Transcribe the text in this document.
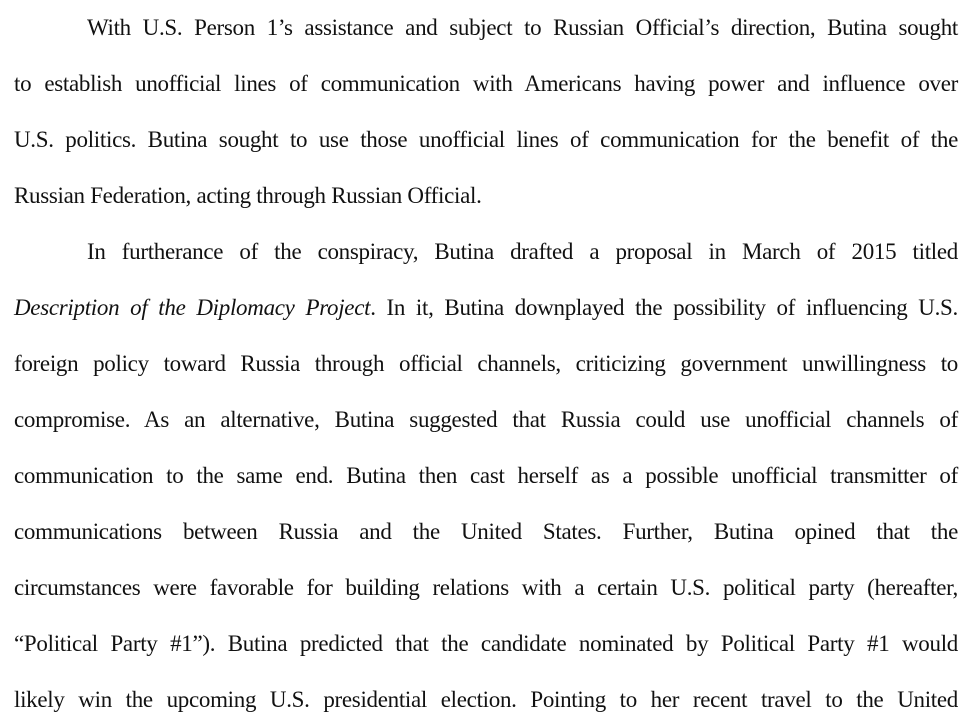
With U.S. Person 1’s assistance and subject to Russian Official’s direction, Butina sought
to establish unofficial lines of communication with Americans having power and influence over
U.S. politics. Butina sought to use those unofficial lines of communication for the benefit of the
Russian Federation, acting through Russian Official.
In furtherance of the conspiracy, Butina drafted a proposal in March of 2015 titled
Description of the Diplomacy Project. In it, Butina downplayed the possibility of influencing U.S.
foreign policy toward Russia through official channels, criticizing government unwillingness to
compromise. As an alternative, Butina suggested that Russia could use unofficial channels of
communication to the same end. Butina then cast herself as a possible unofficial transmitter of
communications between Russia and the United States. Further, Butina opined that the
circumstances were favorable for building relations with a certain U.S. political party (hereafter,
“Political Party #1”). Butina predicted that the candidate nominated by Political Party #1 would
likely win the upcoming U.S. presidential election. Pointing to her recent travel to the United
